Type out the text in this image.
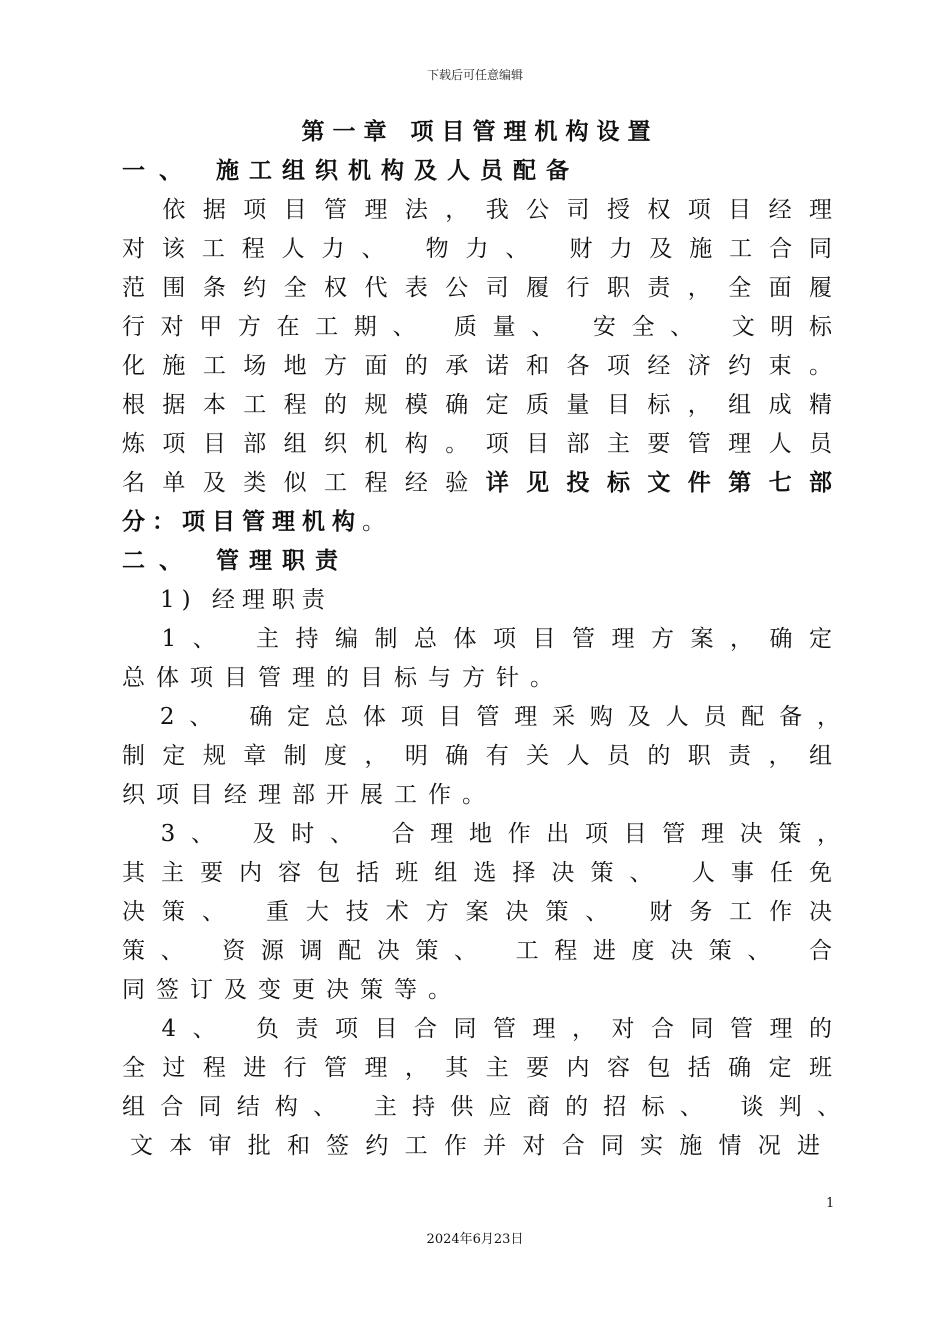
下载后可任意编辑
第一章 项目管理机构设置
一、 施工组织机构及人员配备
　依据项目管理法，我公司授权项目经理
对该工程人力、 物力、 财力及施工合同
范围条约全权代表公司履行职责，全面履
行对甲方在工期、 质量、 安全、 文明标
化施工场地方面的承诺和各项经济约束。
根据本工程的规模确定质量目标，组成精
炼项目部组织机构。项目部主要管理人员
名单及类似工程经验详见投标文件第七部
分：项目管理机构。
二、 管理职责
1) 经理职责
　1、 主持编制总体项目管理方案，确定
总体项目管理的目标与方针。
　2、 确定总体项目管理采购及人员配备，
制定规章制度，明确有关人员的职责，组
织项目经理部开展工作。
　3、 及时、 合理地作出项目管理决策，
其主要内容包括班组选择决策、 人事任免
决策、 重大技术方案决策、 财务工作决
策、 资源调配决策、 工程进度决策、 合
同签订及变更决策等。
　4、 负责项目合同管理，对合同管理的
全过程进行管理，其主要内容包括确定班
组合同结构、 主持供应商的招标、 谈判、
文本审批和签约工作并对合同实施情况进
1
2024年6月23日
